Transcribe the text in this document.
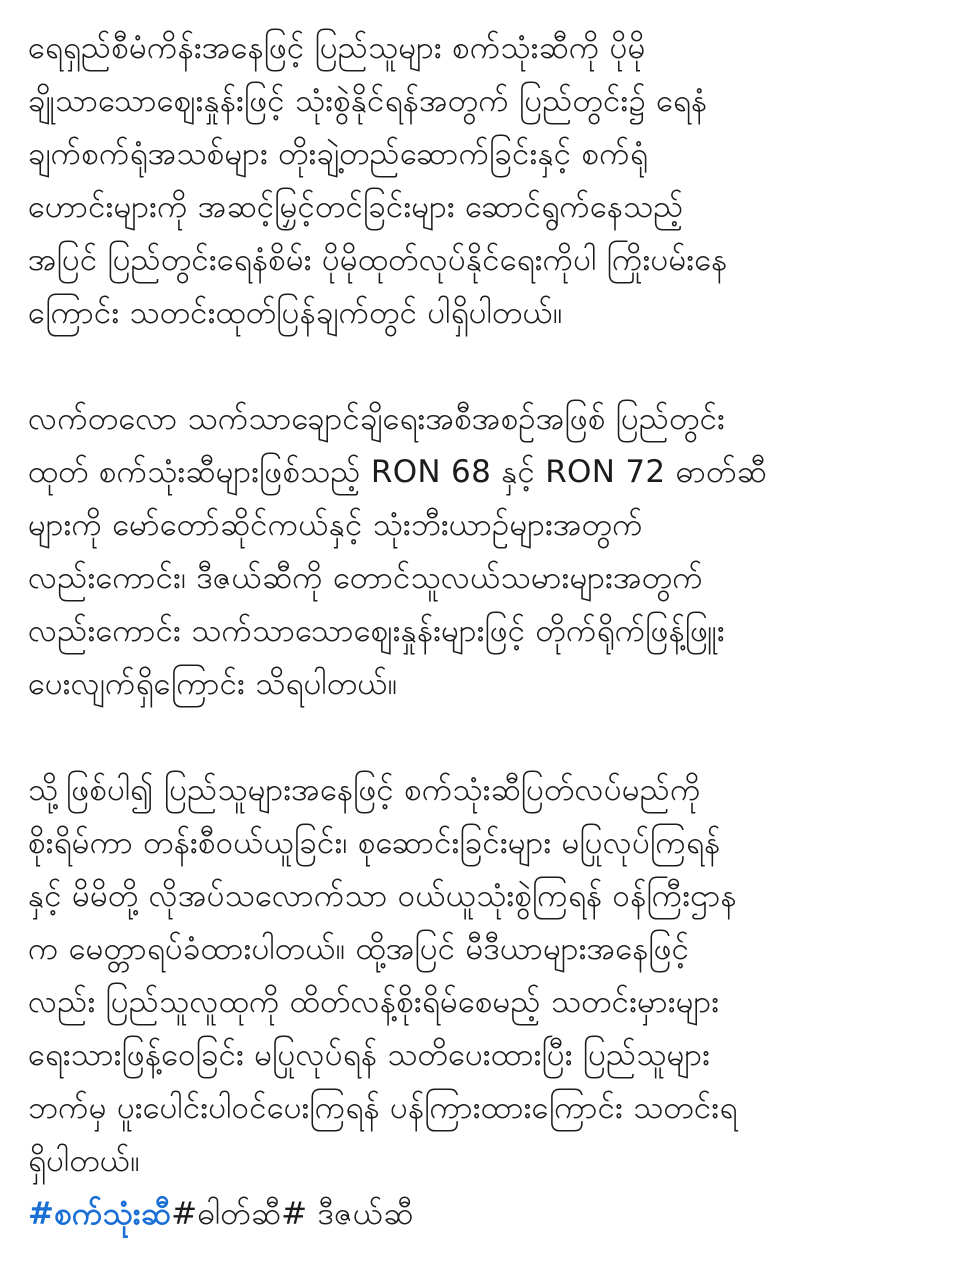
ရေရှည်စီမံကိန်းအနေဖြင့် ပြည်သူများ စက်သုံးဆီကို ပိုမို
ချိုသာသောဈေးနှုန်းဖြင့် သုံးစွဲနိုင်ရန်အတွက် ပြည်တွင်း၌ ရေနံ
ချက်စက်ရုံအသစ်များ တိုးချဲ့တည်ဆောက်ခြင်းနှင့် စက်ရုံ
ဟောင်းများကို အဆင့်မြှင့်တင်ခြင်းများ ဆောင်ရွက်နေသည့်
အပြင် ပြည်တွင်းရေနံစိမ်း ပိုမိုထုတ်လုပ်နိုင်ရေးကိုပါ ကြိုးပမ်းနေ
ကြောင်း သတင်းထုတ်ပြန်ချက်တွင် ပါရှိပါတယ်။
လက်တလော သက်သာချောင်ချိရေးအစီအစဉ်အဖြစ် ပြည်တွင်း
ထုတ် စက်သုံးဆီများဖြစ်သည့် RON 68 နှင့် RON 72 ဓာတ်ဆီ
များကို မော်တော်ဆိုင်ကယ်နှင့် သုံးဘီးယာဉ်များအတွက်
လည်းကောင်း၊ ဒီဇယ်ဆီကို တောင်သူလယ်သမားများအတွက်
လည်းကောင်း သက်သာသောဈေးနှုန်းများဖြင့် တိုက်ရိုက်ဖြန့်ဖြူး
ပေးလျက်ရှိကြောင်း သိရပါတယ်။
သို့ဖြစ်ပါ၍ ပြည်သူများအနေဖြင့် စက်သုံးဆီပြတ်လပ်မည်ကို
စိုးရိမ်ကာ တန်းစီဝယ်ယူခြင်း၊ စုဆောင်းခြင်းများ မပြုလုပ်ကြရန်
နှင့် မိမိတို့ လိုအပ်သလောက်သာ ဝယ်ယူသုံးစွဲကြရန် ဝန်ကြီးဌာန
က မေတ္တာရပ်ခံထားပါတယ်။ ထို့အပြင် မီဒီယာများအနေဖြင့်
လည်း ပြည်သူလူထုကို ထိတ်လန့်စိုးရိမ်စေမည့် သတင်းမှားများ
ရေးသားဖြန့်ဝေခြင်း မပြုလုပ်ရန် သတိပေးထားပြီး ပြည်သူများ
ဘက်မှ ပူးပေါင်းပါဝင်ပေးကြရန် ပန်ကြားထားကြောင်း သတင်းရ
ရှိပါတယ်။
#စက်သုံးဆီ#ဓါတ်ဆီ# ဒီဇယ်ဆီ
